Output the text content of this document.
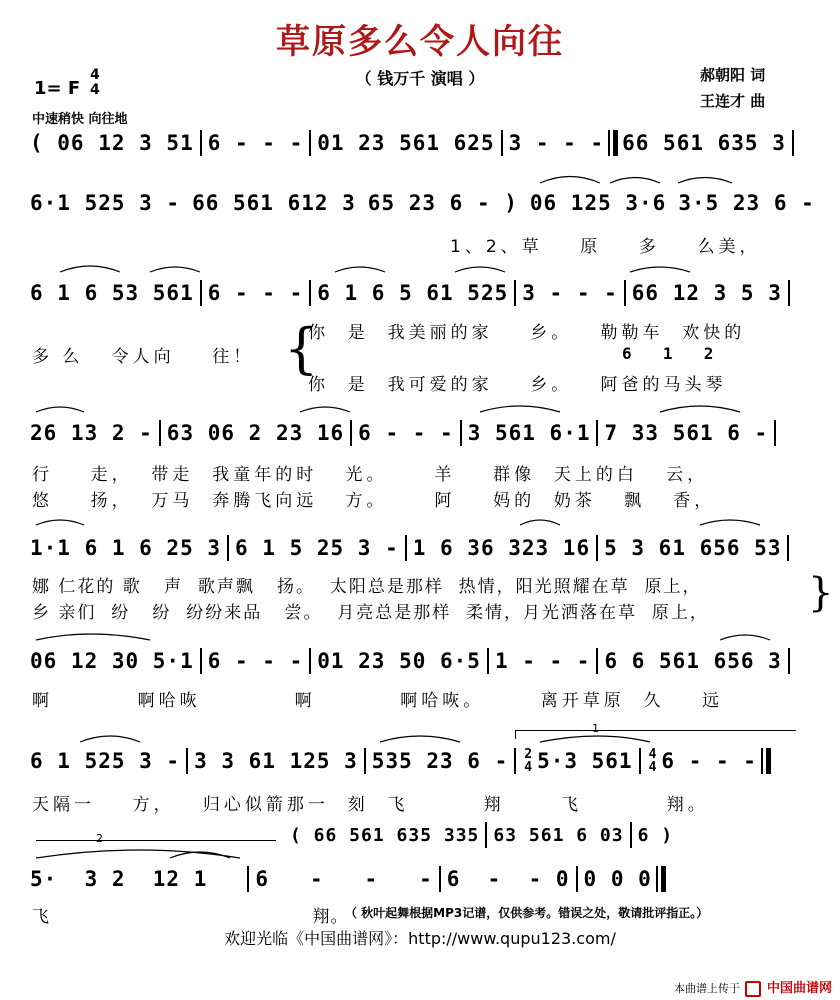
草原多么令人向往
（ 钱万千 演唱 ）	郝朝阳 词
王连才 曲
1= F
4
4
中速稍快 向往地
( 06 12 3 51 6 - - - 01 23 561 625 3 - - - 66 561 635 3
6·1 525 3 - 66 561 612 3 65 23 6 - ) 06 125 3·6 3·5 23 6 -
1、2、草    原    多    么美，
6 1 6 53 561 6 - - - 6 1 6 5 61 525 3 - - - 66 12 3 5 3
多 么   令人向    往！ {
你  是  我美丽的家    乡。   勒勒车  欢快的
6  1  2
你  是  我可爱的家    乡。   阿爸的马头琴
26 13 2 - 63 06 2 23 16 6 - - - 3 561 6·1 7 33 561 6 -
行    走，  带走  我童年的时   光。     羊    群像  天上的白   云，
悠    扬，  万马  奔腾飞向远   方。     阿    妈的  奶茶   飘   香，
1·1 6 1 6 25 3 6 1 5 25 3 - 1 6 36 323 16 5 3 61 656 53
娜 仁花的 歌   声  歌声飘   扬。  太阳总是那样  热情，阳光照耀在草  原上，
乡 亲们  纷   纷  纷纷来品   尝。  月亮总是那样  柔情，月光洒落在草  原上， }
06 12 30 5·1 6 - - - 01 23 50 6·5 1 - - - 6 6 561 656 3
啊         啊哈咴          啊         啊哈咴。      离开草原  久    远
1
6 1 525 3 - 3 3 61 125 3 535 23 6 - 2
4 5·3 561 4
4 6 - - -
天隔一    方，   归心似箭那一  刻  飞        翔      飞         翔。
2	( 66 561 635 335 63 561 6 03 6 )
5·  3 2  12 1 6   -   -   - 6  -  - 0 0 0 0
飞                                         翔。
（ 秋叶起舞根据MP3记谱，仅供参考。错误之处，敬请批评指正。）
欢迎光临《中国曲谱网》：http://www.qupu123.com/
本曲谱上传于 中国曲谱网
